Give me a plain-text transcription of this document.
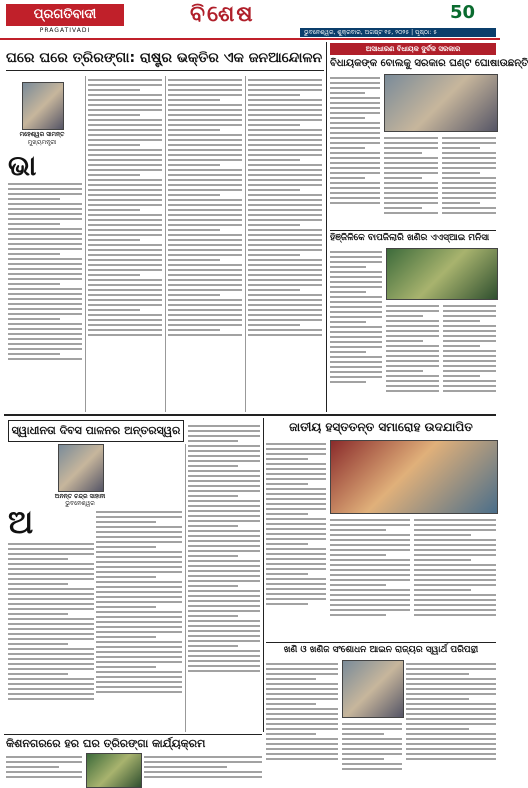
ପ୍ରଗତିବାଦୀ
PRAGATIVADI
ବିଶେଷ	50
ଭୁବନେଶ୍ୱର, ଶୁକ୍ରବାର, ଅଗଷ୍ଟ ୧୫, ୨୦୨୫ | ପୃଷ୍ଠା: ୫
ଘରେ ଘରେ ତ୍ରିରଙ୍ଗା: ରାଷ୍ଟ୍ର ଭକ୍ତିର ଏକ ଜନଆନ୍ଦୋଳନ
ମହେଶ୍ୱର ସାମନ୍ତ
ମୁଖ୍ୟମନ୍ତ୍ରୀ
ଭା
ଅସାଧାରଣ ବିଧାୟକ ଦୁର୍ବଳ ସରକାର
ବିଧାୟକଙ୍କ ବୋଲକୁ ସରକାର ଘଣ୍ଟ ଘୋଷାଉଛନ୍ତି
ହିଞ୍ଜିଳିକେ ବାପଜିଲାରି ଖଣିର ଏଏସ୍‌ଆଇ ମନିସା
ସ୍ୱାଧୀନତା ଦିବସ ପାଳନର ଅନ୍ତରସ୍ୱର
ଅନନ୍ତ ଚନ୍ଦ୍ର ସାହାନୀ
ଭୁବନେଶ୍ୱର
ଅ
ଜାତୀୟ ହସ୍ତତନ୍ତ ସମାରୋହ ଉଦଯାପିତ
ଖଣି ଓ ଖଣିଜ ସଂଶୋଧନ ଆଇନ ରାଜ୍ୟର ସ୍ୱାର୍ଥ ପରିପନ୍ଥୀ
କିଶନଗରରେ ହର ଘର ତ୍ରିରଙ୍ଗା କାର୍ଯ୍ୟକ୍ରମ
